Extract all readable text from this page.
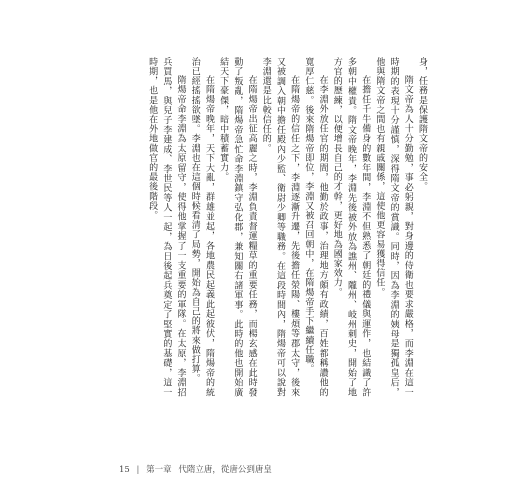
身，任務是保護隋文帝的安全。

隋文帝為人十分勤勉，事必躬親，對身邊的侍衛也要求嚴格，而李淵在這一時期的表現十分謹慎，深得隋文帝的賞識。同時，因為李淵的姨母是獨孤皇后，他與隋文帝之間也有親戚關係，這使他更容易獲得信任。

在擔任千牛備身的數年間，李淵不但熟悉了朝廷的禮儀與運作，也結識了許多朝中權貴。隋文帝晚年，李淵先後被外放為譙州、隴州、岐州刺史，開始了地方官的歷練，以便增長自己的才幹，更好地為國家效力。

在李淵外放任官的期間，他勤於政事，治理地方頗有政績，百姓都稱讚他的寬厚仁慈。後來隋煬帝即位，李淵又被召回朝中，在隋煬帝手下繼續任職。

在隋煬帝的信任之下，李淵逐漸升遷，先後擔任滎陽、樓煩等郡太守，後來又被調入朝中擔任殿內少監、衛尉少卿等職務。在這段時間內，隋煬帝可以說對李淵還是比較信任的。

在隋煬帝出征高麗之時，李淵負責督運糧草的重要任務，而楊玄感在此時發動了叛亂，隋煬帝急忙命李淵鎮守弘化郡，兼知關右諸軍事。此時的他也開始廣結天下豪傑，暗中積蓄實力。

在隋煬帝晚年，天下大亂，群雄並起，各地農民起義此起彼伏，隋煬帝的統治已經搖搖欲墜。李淵也在這個時候看清了局勢，開始為自己的將來做打算。

隋煬帝命李淵為太原留守，使得他掌握了一支重要的軍隊。在太原，李淵招兵買馬，與兒子李建成、李世民等人一起，為日後起兵奠定了堅實的基礎，這一時期，也是他在外地做官的最後階段。

15 | 第一章 代隋立唐，從唐公到唐皇
